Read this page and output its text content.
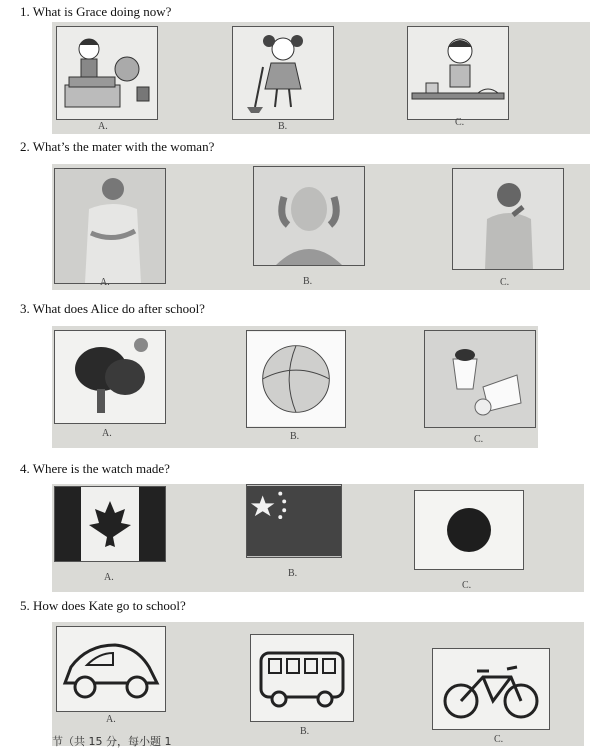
1. What is Grace doing now?
A.	B.	C.
2. What’s the mater with the woman?
A.	B.	C.
3. What does Alice do after school?
A.	B.	C.
4. Where is the watch made?
A.	B.
C.
5. How does Kate go to school?
A.
B.
C.
节（共 15 分，每小题 1
